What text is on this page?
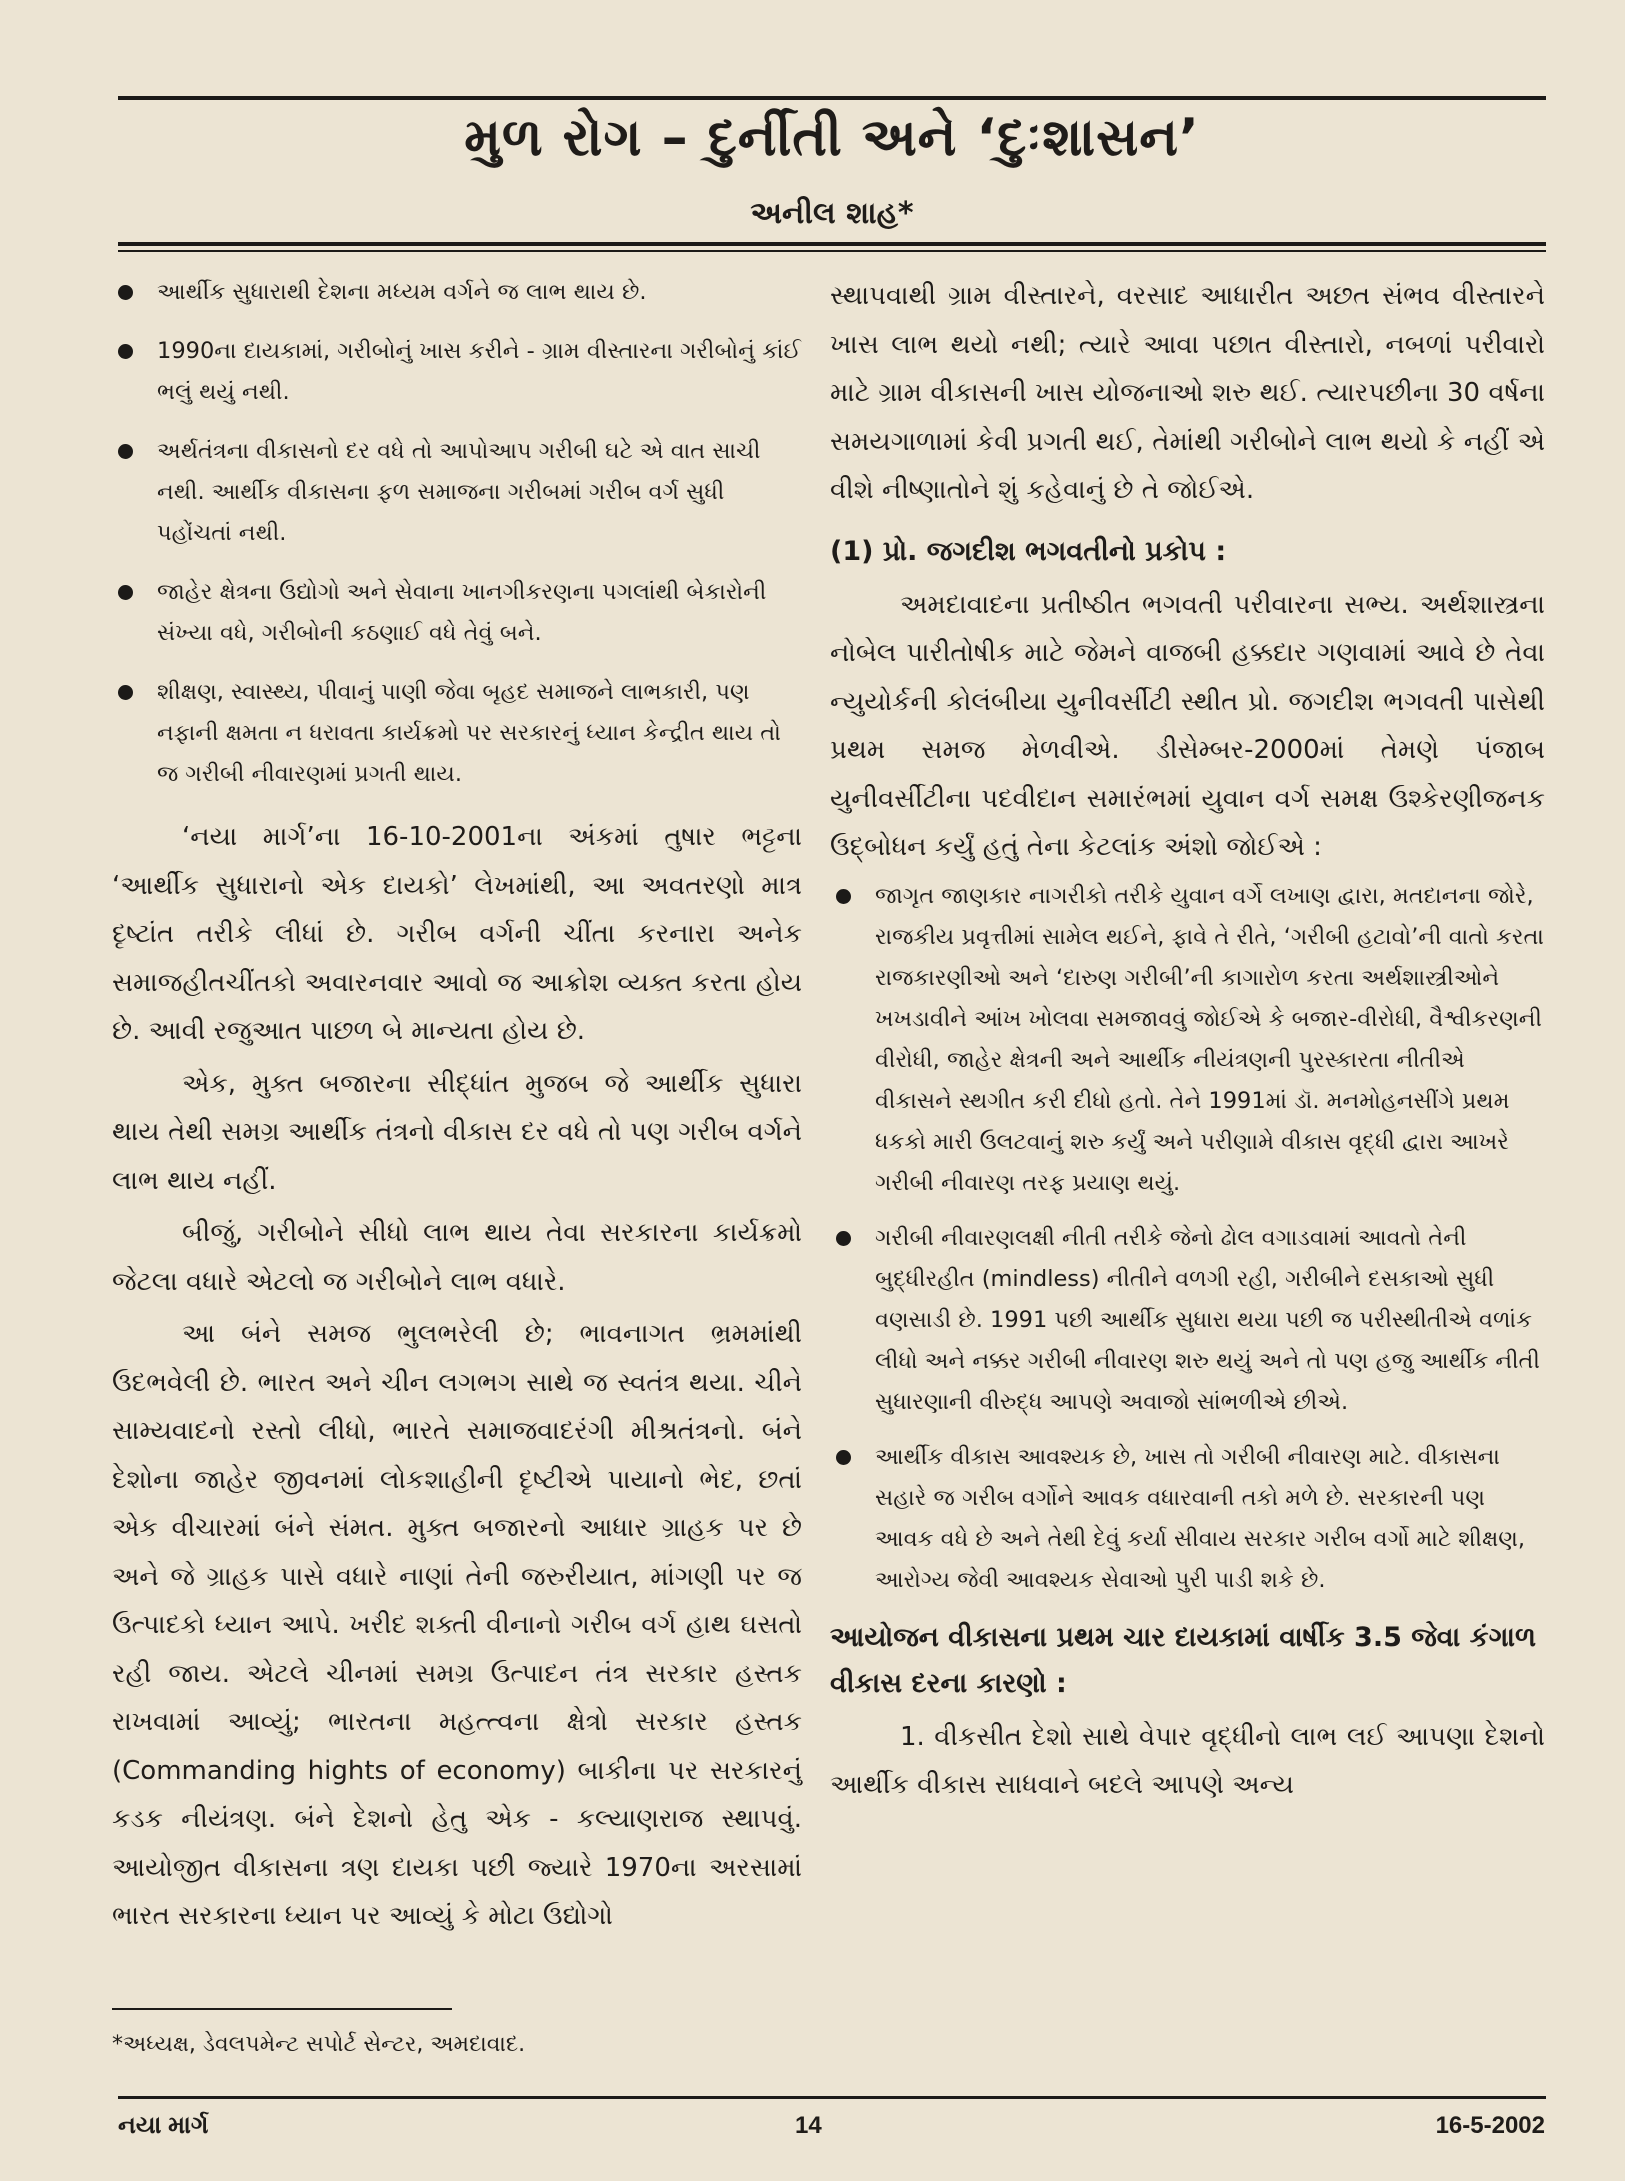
મુળ રોગ – દુર્નીતી અને ‘દુઃશાસન’
અનીલ શાહ*
આર્થીક સુધારાથી દેશના મધ્યમ વર્ગને જ લાભ થાય છે.
1990ના દાયકામાં, ગરીબોનું ખાસ કરીને - ગ્રામ વીસ્તારના ગરીબોનું કાંઈ ભલું થયું નથી.
અર્થતંત્રના વીકાસનો દર વધે તો આપોઆપ ગરીબી ઘટે એ વાત સાચી નથી. આર્થીક વીકાસના ફળ સમાજના ગરીબમાં ગરીબ વર્ગ સુધી પહોંચતાં નથી.
જાહેર ક્ષેત્રના ઉદ્યોગો અને સેવાના ખાનગીકરણના પગલાંથી બેકારોની સંખ્યા વધે, ગરીબોની કઠણાઈ વધે તેવું બને.
શીક્ષણ, સ્વાસ્થ્ય, પીવાનું પાણી જેવા બૃહદ સમાજને લાભકારી, પણ નફાની ક્ષમતા ન ધરાવતા કાર્યક્રમો પર સરકારનું ધ્યાન કેન્દ્રીત થાય તો જ ગરીબી નીવારણમાં પ્રગતી થાય.

‘નયા માર્ગ’ના 16-10-2001ના અંકમાં તુષાર ભટ્ટના ‘આર્થીક સુધારાનો એક દાયકો’ લેખમાંથી, આ અવતરણો માત્ર દૃષ્ટાંત તરીકે લીધાં છે. ગરીબ વર્ગની ચીંતા કરનારા અનેક સમાજહીતચીંતકો અવારનવાર આવો જ આક્રોશ વ્યક્ત કરતા હોય છે. આવી રજુઆત પાછળ બે માન્યતા હોય છે.

એક, મુક્ત બજારના સીદ્ધાંત મુજબ જે આર્થીક સુધારા થાય તેથી સમગ્ર આર્થીક તંત્રનો વીકાસ દર વધે તો પણ ગરીબ વર્ગને લાભ થાય નહીં.

બીજું, ગરીબોને સીધો લાભ થાય તેવા સરકારના કાર્યક્રમો જેટલા વધારે એટલો જ ગરીબોને લાભ વધારે.

આ બંને સમજ ભુલભરેલી છે; ભાવનાગત ભ્રમમાંથી ઉદભવેલી છે. ભારત અને ચીન લગભગ સાથે જ સ્વતંત્ર થયા. ચીને સામ્યવાદનો રસ્તો લીધો, ભારતે સમાજવાદરંગી મીશ્રતંત્રનો. બંને દેશોના જાહેર જીવનમાં લોકશાહીની દૃષ્ટીએ પાયાનો ભેદ, છતાં એક વીચારમાં બંને સંમત. મુક્ત બજારનો આધાર ગ્રાહક પર છે અને જે ગ્રાહક પાસે વધારે નાણાં તેની જરુરીયાત, માંગણી પર જ ઉત્પાદકો ધ્યાન આપે. ખરીદ શક્તી વીનાનો ગરીબ વર્ગ હાથ ઘસતો રહી જાય. એટલે ચીનમાં સમગ્ર ઉત્પાદન તંત્ર સરકાર હસ્તક રાખવામાં આવ્યું; ભારતના મહત્ત્વના ક્ષેત્રો સરકાર હસ્તક (Commanding hights of economy) બાકીના પર સરકારનું કડક નીયંત્રણ. બંને દેશનો હેતુ એક - કલ્યાણરાજ સ્થાપવું. આયોજીત વીકાસના ત્રણ દાયકા પછી જ્યારે 1970ના અરસામાં ભારત સરકારના ધ્યાન પર આવ્યું કે મોટા ઉદ્યોગો

સ્થાપવાથી ગ્રામ વીસ્તારને, વરસાદ આધારીત અછત સંભવ વીસ્તારને ખાસ લાભ થયો નથી; ત્યારે આવા પછાત વીસ્તારો, નબળાં પરીવારો માટે ગ્રામ વીકાસની ખાસ યોજનાઓ શરુ થઈ. ત્યારપછીના 30 વર્ષના સમયગાળામાં કેવી પ્રગતી થઈ, તેમાંથી ગરીબોને લાભ થયો કે નહીં એ વીશે નીષ્ણાતોને શું કહેવાનું છે તે જોઈએ.

(1) પ્રો. જગદીશ ભગવતીનો પ્રકોપ :

અમદાવાદના પ્રતીષ્ઠીત ભગવતી પરીવારના સભ્ય. અર્થશાસ્ત્રના નોબેલ પારીતોષીક માટે જેમને વાજબી હક્કદાર ગણવામાં આવે છે તેવા ન્યુયોર્કની કોલંબીયા યુનીવર્સીટી સ્થીત પ્રો. જગદીશ ભગવતી પાસેથી પ્રથમ સમજ મેળવીએ. ડીસેમ્બર-2000માં તેમણે પંજાબ યુનીવર્સીટીના પદવીદાન સમારંભમાં યુવાન વર્ગ સમક્ષ ઉશ્કેરણીજનક ઉદ્બોધન કર્યું હતું તેના કેટલાંક અંશો જોઈએ :

જાગૃત જાણકાર નાગરીકો તરીકે યુવાન વર્ગે લખાણ દ્વારા, મતદાનના જોરે, રાજકીય પ્રવૃત્તીમાં સામેલ થઈને, ફાવે તે રીતે, ‘ગરીબી હટાવો’ની વાતો કરતા રાજકારણીઓ અને ‘દારુણ ગરીબી’ની કાગારોળ કરતા અર્થશાસ્ત્રીઓને ખખડાવીને આંખ ખોલવા સમજાવવું જોઈએ કે બજાર-વીરોધી, વૈશ્વીકરણની વીરોધી, જાહેર ક્ષેત્રની અને આર્થીક નીયંત્રણની પુરસ્કારતા નીતીએ વીકાસને સ્થગીત કરી દીધો હતો. તેને 1991માં ડૉ. મનમોહનસીંગે પ્રથમ ધકકો મારી ઉલટવાનું શરુ કર્યું અને પરીણામે વીકાસ વૃદ્ધી દ્વારા આખરે ગરીબી નીવારણ તરફ પ્રયાણ થયું.
ગરીબી નીવારણલક્ષી નીતી તરીકે જેનો ઢોલ વગાડવામાં આવતો તેની બુદ્ધીરહીત (mindless) નીતીને વળગી રહી, ગરીબીને દસકાઓ સુધી વણસાડી છે. 1991 પછી આર્થીક સુધારા થયા પછી જ પરીસ્થીતીએ વળાંક લીધો અને નક્કર ગરીબી નીવારણ શરુ થયું અને તો પણ હજુ આર્થીક નીતી સુધારણાની વીરુદ્ધ આપણે અવાજો સાંભળીએ છીએ.
આર્થીક વીકાસ આવશ્યક છે, ખાસ તો ગરીબી નીવારણ માટે. વીકાસના સહારે જ ગરીબ વર્ગોને આવક વધારવાની તકો મળે છે. સરકારની પણ આવક વધે છે અને તેથી દેવું કર્યા સીવાય સરકાર ગરીબ વર્ગો માટે શીક્ષણ, આરોગ્ય જેવી આવશ્યક સેવાઓ પુરી પાડી શકે છે.
આયોજન વીકાસના પ્રથમ ચાર દાયકામાં વાર્ષીક 3.5 જેવા કંગાળ વીકાસ દરના કારણો :

1. વીકસીત દેશો સાથે વેપાર વૃદ્ધીનો લાભ લઈ આપણા દેશનો આર્થીક વીકાસ સાધવાને બદલે આપણે અન્ય

*અધ્યક્ષ, ડેવલપમેન્ટ સપોર્ટ સેન્ટર, અમદાવાદ.
નયા માર્ગ	14	16-5-2002
